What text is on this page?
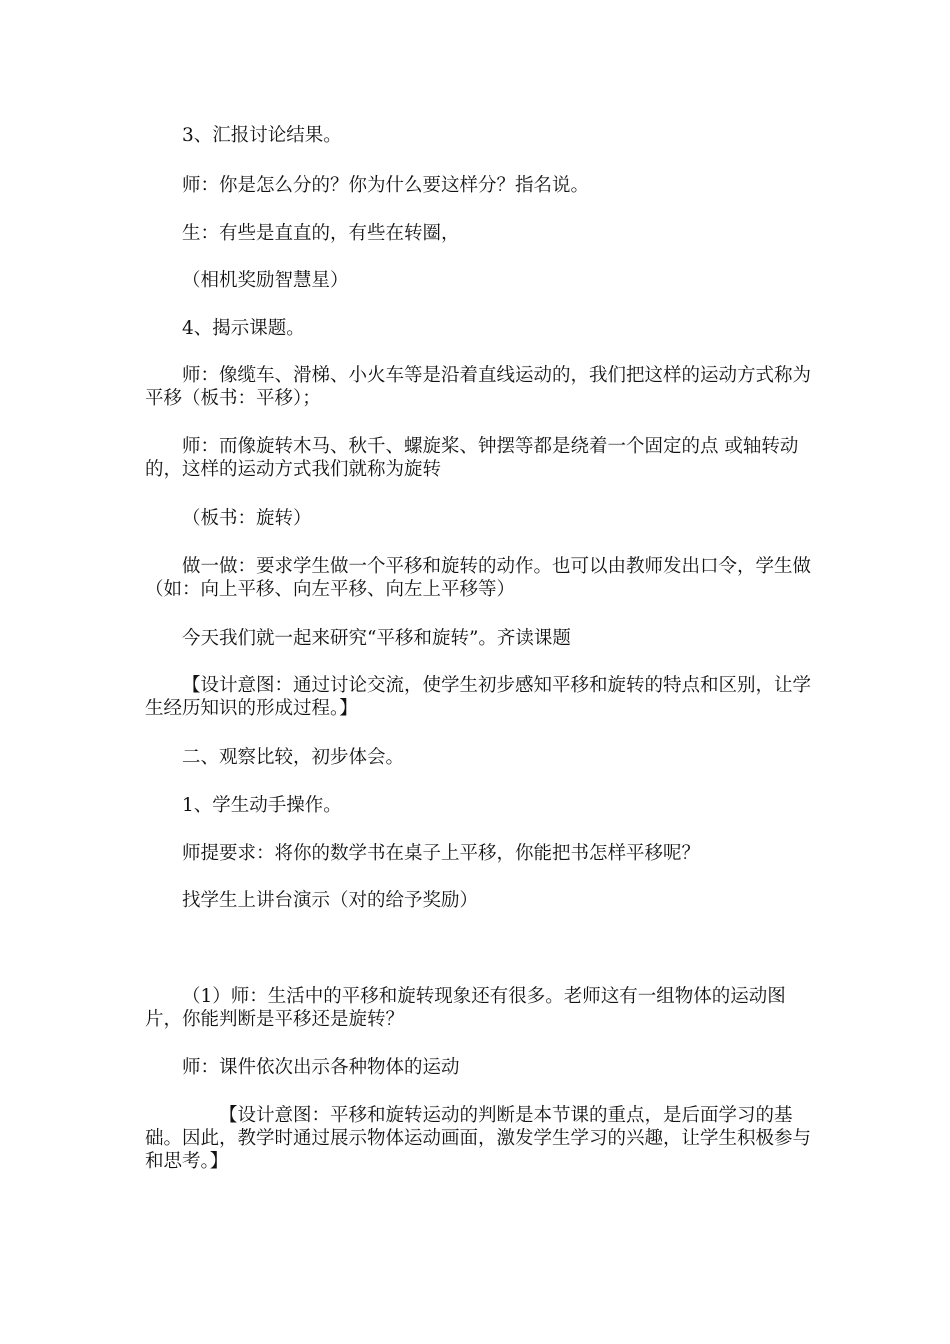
3、汇报讨论结果。

师：你是怎么分的？你为什么要这样分？指名说。

生：有些是直直的，有些在转圈，

（相机奖励智慧星）

4、揭示课题。

师：像缆车、滑梯、小火车等是沿着直线运动的，我们把这样的运动方式称为平移（板书：平移）；

师：而像旋转木马、秋千、螺旋桨、钟摆等都是绕着一个固定的点 或轴转动的，这样的运动方式我们就称为旋转

（板书：旋转）

做一做：要求学生做一个平移和旋转的动作。也可以由教师发出口令，学生做（如：向上平移、向左平移、向左上平移等）

今天我们就一起来研究“平移和旋转”。齐读课题

【设计意图：通过讨论交流，使学生初步感知平移和旋转的特点和区别，让学生经历知识的形成过程。】

二、观察比较，初步体会。

1、学生动手操作。

师提要求：将你的数学书在桌子上平移，你能把书怎样平移呢？

找学生上讲台演示（对的给予奖励）

（1）师：生活中的平移和旋转现象还有很多。老师这有一组物体的运动图片，你能判断是平移还是旋转？

师：课件依次出示各种物体的运动

【设计意图：平移和旋转运动的判断是本节课的重点，是后面学习的基础。因此，教学时通过展示物体运动画面，激发学生学习的兴趣，让学生积极参与和思考。】
